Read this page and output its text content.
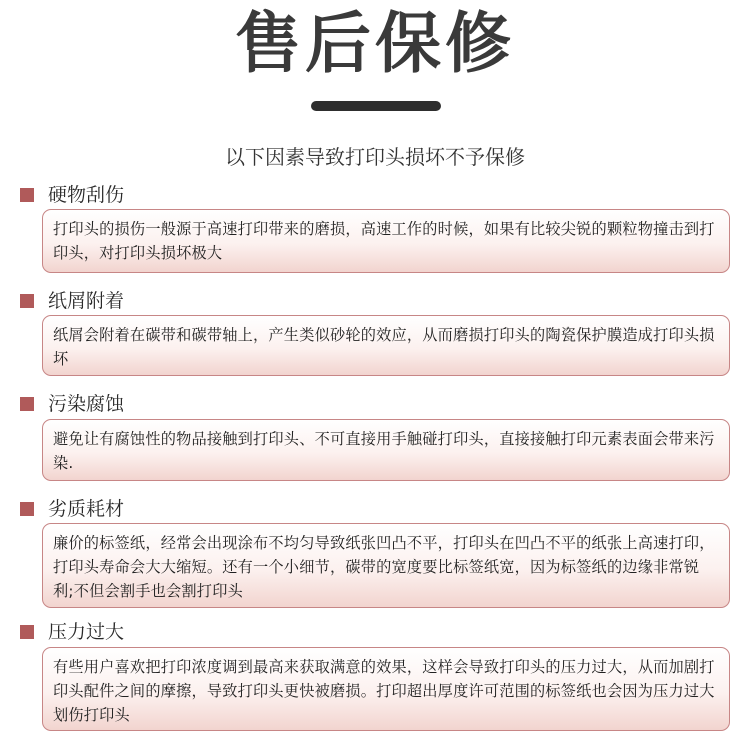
售后保修
以下因素导致打印头损坏不予保修
硬物刮伤
打印头的损伤一般源于高速打印带来的磨损，高速工作的时候，如果有比较尖锐的颗粒物撞击到打印头，对打印头损坏极大
纸屑附着
纸屑会附着在碳带和碳带轴上，产生类似砂轮的效应，从而磨损打印头的陶瓷保护膜造成打印头损坏
污染腐蚀
避免让有腐蚀性的物品接触到打印头、不可直接用手触碰打印头，直接接触打印元素表面会带来污染.
劣质耗材
廉价的标签纸，经常会出现涂布不均匀导致纸张凹凸不平，打印头在凹凸不平的纸张上高速打印，打印头寿命会大大缩短。还有一个小细节，碳带的宽度要比标签纸宽，因为标签纸的边缘非常锐利;不但会割手也会割打印头
压力过大
有些用户喜欢把打印浓度调到最高来获取满意的效果，这样会导致打印头的压力过大，从而加剧打印头配件之间的摩擦，导致打印头更快被磨损。打印超出厚度许可范围的标签纸也会因为压力过大划伤打印头
